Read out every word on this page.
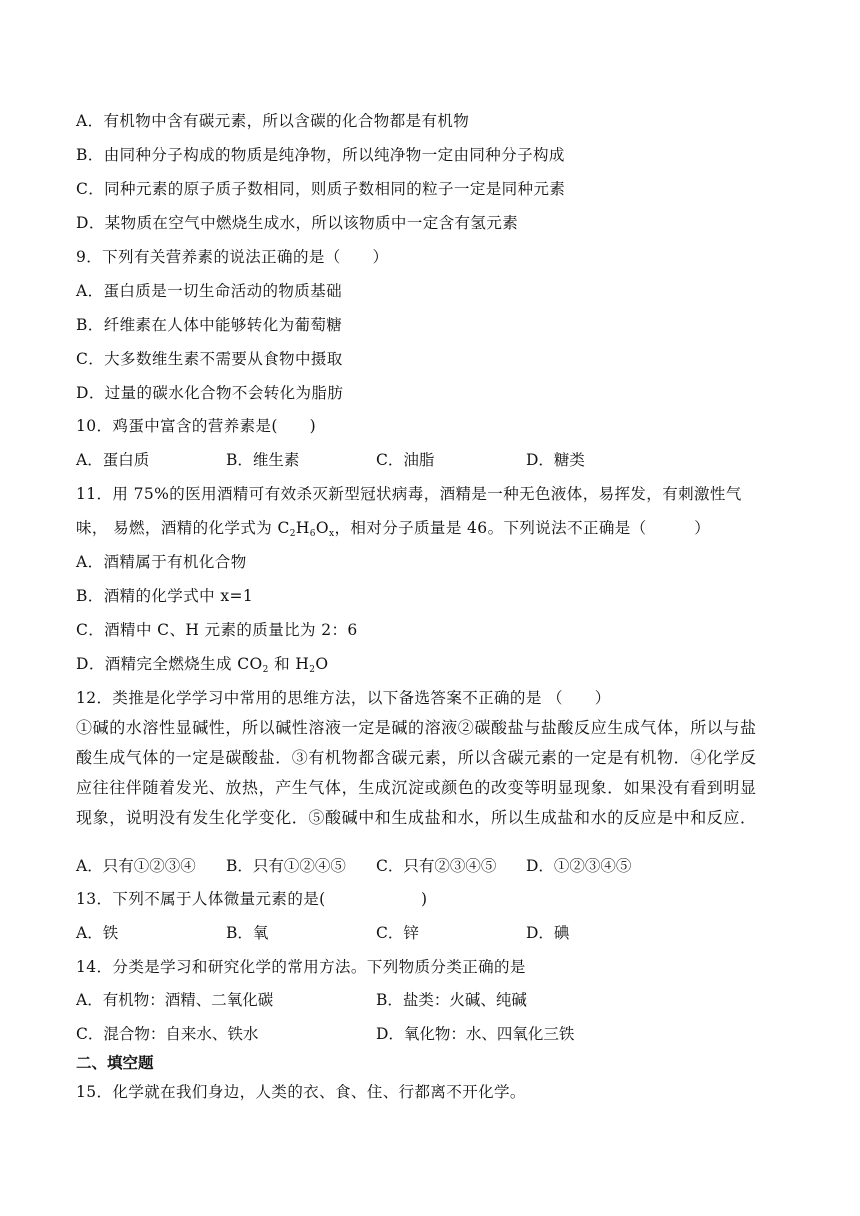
A．有机物中含有碳元素，所以含碳的化合物都是有机物
B．由同种分子构成的物质是纯净物，所以纯净物一定由同种分子构成
C．同种元素的原子质子数相同，则质子数相同的粒子一定是同种元素
D．某物质在空气中燃烧生成水，所以该物质中一定含有氢元素
9．下列有关营养素的说法正确的是（　　）
A．蛋白质是一切生命活动的物质基础
B．纤维素在人体中能够转化为葡萄糖
C．大多数维生素不需要从食物中摄取
D．过量的碳水化合物不会转化为脂肪
10．鸡蛋中富含的营养素是(　　)
A．蛋白质	B．维生素	C．油脂	D．糖类
11．用 75%的医用酒精可有效杀灭新型冠状病毒，酒精是一种无色液体，易挥发，有刺激性气
味， 易燃，酒精的化学式为 $C_2H_6O_x$，相对分子质量是 46。下列说法不正确是（　　　）
A．酒精属于有机化合物
B．酒精的化学式中 x=1
C．酒精中 C、H 元素的质量比为 2：6
D．酒精完全燃烧生成 $CO_2$ 和 $H_2O$
12．类推是化学学习中常用的思维方法，以下备选答案不正确的是 （　　）
①碱的水溶性显碱性，所以碱性溶液一定是碱的溶液②碳酸盐与盐酸反应生成气体，所以与盐
酸生成气体的一定是碳酸盐．③有机物都含碳元素，所以含碳元素的一定是有机物．④化学反
应往往伴随着发光、放热，产生气体，生成沉淀或颜色的改变等明显现象．如果没有看到明显
现象，说明没有发生化学变化．⑤酸碱中和生成盐和水，所以生成盐和水的反应是中和反应．
A．只有①②③④ B．只有①②④⑤ C．只有②③④⑤ D．①②③④⑤
13．下列不属于人体微量元素的是(　　　　　　)
A．铁	B．氧	C．锌	D．碘
14．分类是学习和研究化学的常用方法。下列物质分类正确的是
A．有机物：酒精、二氧化碳	B．盐类：火碱、纯碱
C．混合物：自来水、铁水	D．氧化物：水、四氧化三铁
二、填空题
15．化学就在我们身边，人类的衣、食、住、行都离不开化学。
